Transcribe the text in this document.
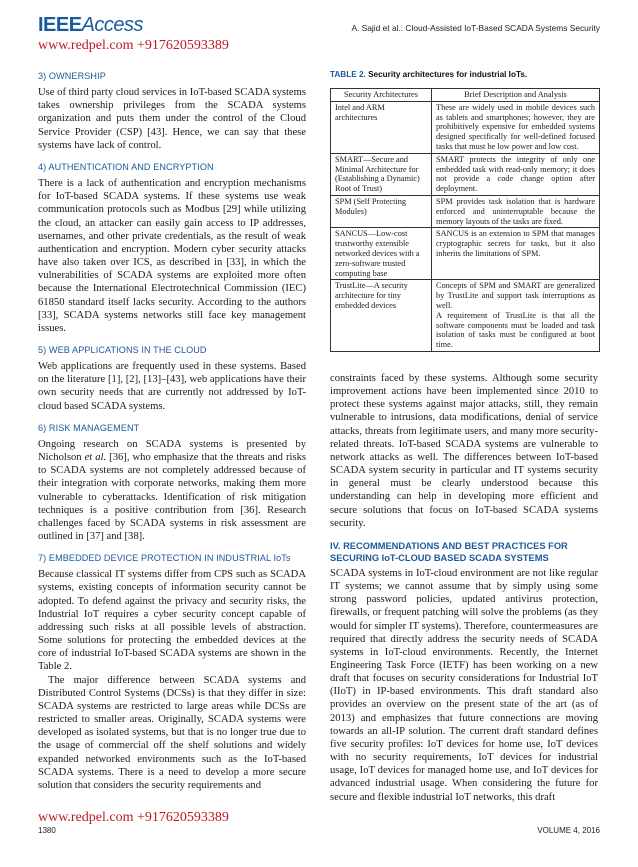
IEEEAccess	A. Sajid et al.: Cloud-Assisted IoT-Based SCADA Systems Security
www.redpel.com +917620593389
3) OWNERSHIP

Use of third party cloud services in IoT-based SCADA systems takes ownership privileges from the SCADA systems organization and puts them under the control of the Cloud Service Provider (CSP) [43]. Hence, we can say that these systems have lack of control.

4) AUTHENTICATION AND ENCRYPTION

There is a lack of authentication and encryption mechanisms for IoT-based SCADA systems. If these systems use weak communication protocols such as Modbus [29] while utilizing the cloud, an attacker can easily gain access to IP addresses, usernames, and other private credentials, as the result of weak authentication and encryption. Modern cyber security attacks have also taken over ICS, as described in [33], in which the vulnerabilities of SCADA systems are exploited more often because the International Electrotechnical Commission (IEC) 61850 standard itself lacks security. According to the authors [33], SCADA systems networks still face key management issues.

5) WEB APPLICATIONS IN THE CLOUD

Web applications are frequently used in these systems. Based on the literature [1], [2], [13]–[43], web applications have their own security needs that are currently not addressed by IoT-cloud based SCADA systems.

6) RISK MANAGEMENT

Ongoing research on SCADA systems is presented by Nicholson et al. [36], who emphasize that the threats and risks to SCADA systems are not completely addressed because of their integration with corporate networks, making them more vulnerable to cyberattacks. Identification of risk mitigation techniques is a positive contribution from [36]. Research challenges faced by SCADA systems in risk assessment are outlined in [37] and [38].

7) EMBEDDED DEVICE PROTECTION IN INDUSTRIAL IoTs

Because classical IT systems differ from CPS such as SCADA systems, existing concepts of information security cannot be adopted. To defend against the privacy and security risks, the Industrial IoT requires a cyber security concept capable of addressing such risks at all possible levels of abstraction. Some solutions for protecting the embedded devices at the core of industrial IoT-based SCADA systems are shown in the Table 2.

The major difference between SCADA systems and Distributed Control Systems (DCSs) is that they differ in size: SCADA systems are restricted to large areas while DCSs are restricted to smaller areas. Originally, SCADA systems were developed as isolated systems, but that is no longer true due to the usage of commercial off the shelf solutions and widely expanded networked environments such as the IoT-based SCADA systems. There is a need to develop a more secure solution that considers the security requirements and

TABLE 2. Security architectures for industrial IoTs.
Security Architectures	Brief Description and Analysis
Intel and ARM architectures	These are widely used in mobile devices such as tablets and smartphones; however, they are prohibitively expensive for embedded systems designed specifically for well-defined focused tasks that must be low power and low cost.

SMART—Secure and Minimal Architecture for (Establishing a Dynamic) Root of Trust)	SMART protects the integrity of only one embedded task with read-only memory; it does not provide a code change option after deployment.

SPM (Self Protecting Modules)	SPM provides task isolation that is hardware enforced and uninterruptable because the memory layouts of the tasks are fixed.

SANCUS—Low-cost trustworthy extensible networked devices with a zero-software trusted computing base	SANCUS is an extension to SPM that manages cryptographic secrets for tasks, but it also inherits the limitations of SPM.

TrustLite—A security architecture for tiny embedded devices	Concepts of SPM and SMART are generalized by TrustLite and support task interruptions as well.
A requirement of TrustLite is that all the software components must be loaded and task isolation of tasks must be configured at boot time.

constraints faced by these systems. Although some security improvement actions have been implemented since 2010 to protect these systems against major attacks, still, they remain vulnerable to intrusions, data modifications, denial of service attacks, threats from legitimate users, and many more security-related threats. IoT-based SCADA systems are vulnerable to network attacks as well. The differences between IoT-based SCADA system security in particular and IT systems security in general must be clearly understood because this understanding can help in developing more efficient and secure solutions that focus on IoT-based SCADA systems security.

IV. RECOMMENDATIONS AND BEST PRACTICES FOR
SECURING IoT-CLOUD BASED SCADA SYSTEMS

SCADA systems in IoT-cloud environment are not like regular IT systems; we cannot assume that by simply using some strong password policies, updated antivirus protection, firewalls, or frequent patching will solve the problems (as they would for simpler IT systems). Therefore, countermeasures are required that directly address the security needs of SCADA systems in IoT-cloud environments. Recently, the Internet Engineering Task Force (IETF) has been working on a new draft that focuses on security considerations for Industrial IoT (IIoT) in IP-based environments. This draft standard also provides an overview on the present state of the art (as of 2013) and emphasizes that future connections are moving towards an all-IP solution. The current draft standard defines five security profiles: IoT devices for home use, IoT devices with no security requirements, IoT devices for industrial usage, IoT devices for managed home use, and IoT devices for advanced industrial usage. When considering the future for secure and flexible industrial IoT networks, this draft

www.redpel.com +917620593389
1380	VOLUME 4, 2016
